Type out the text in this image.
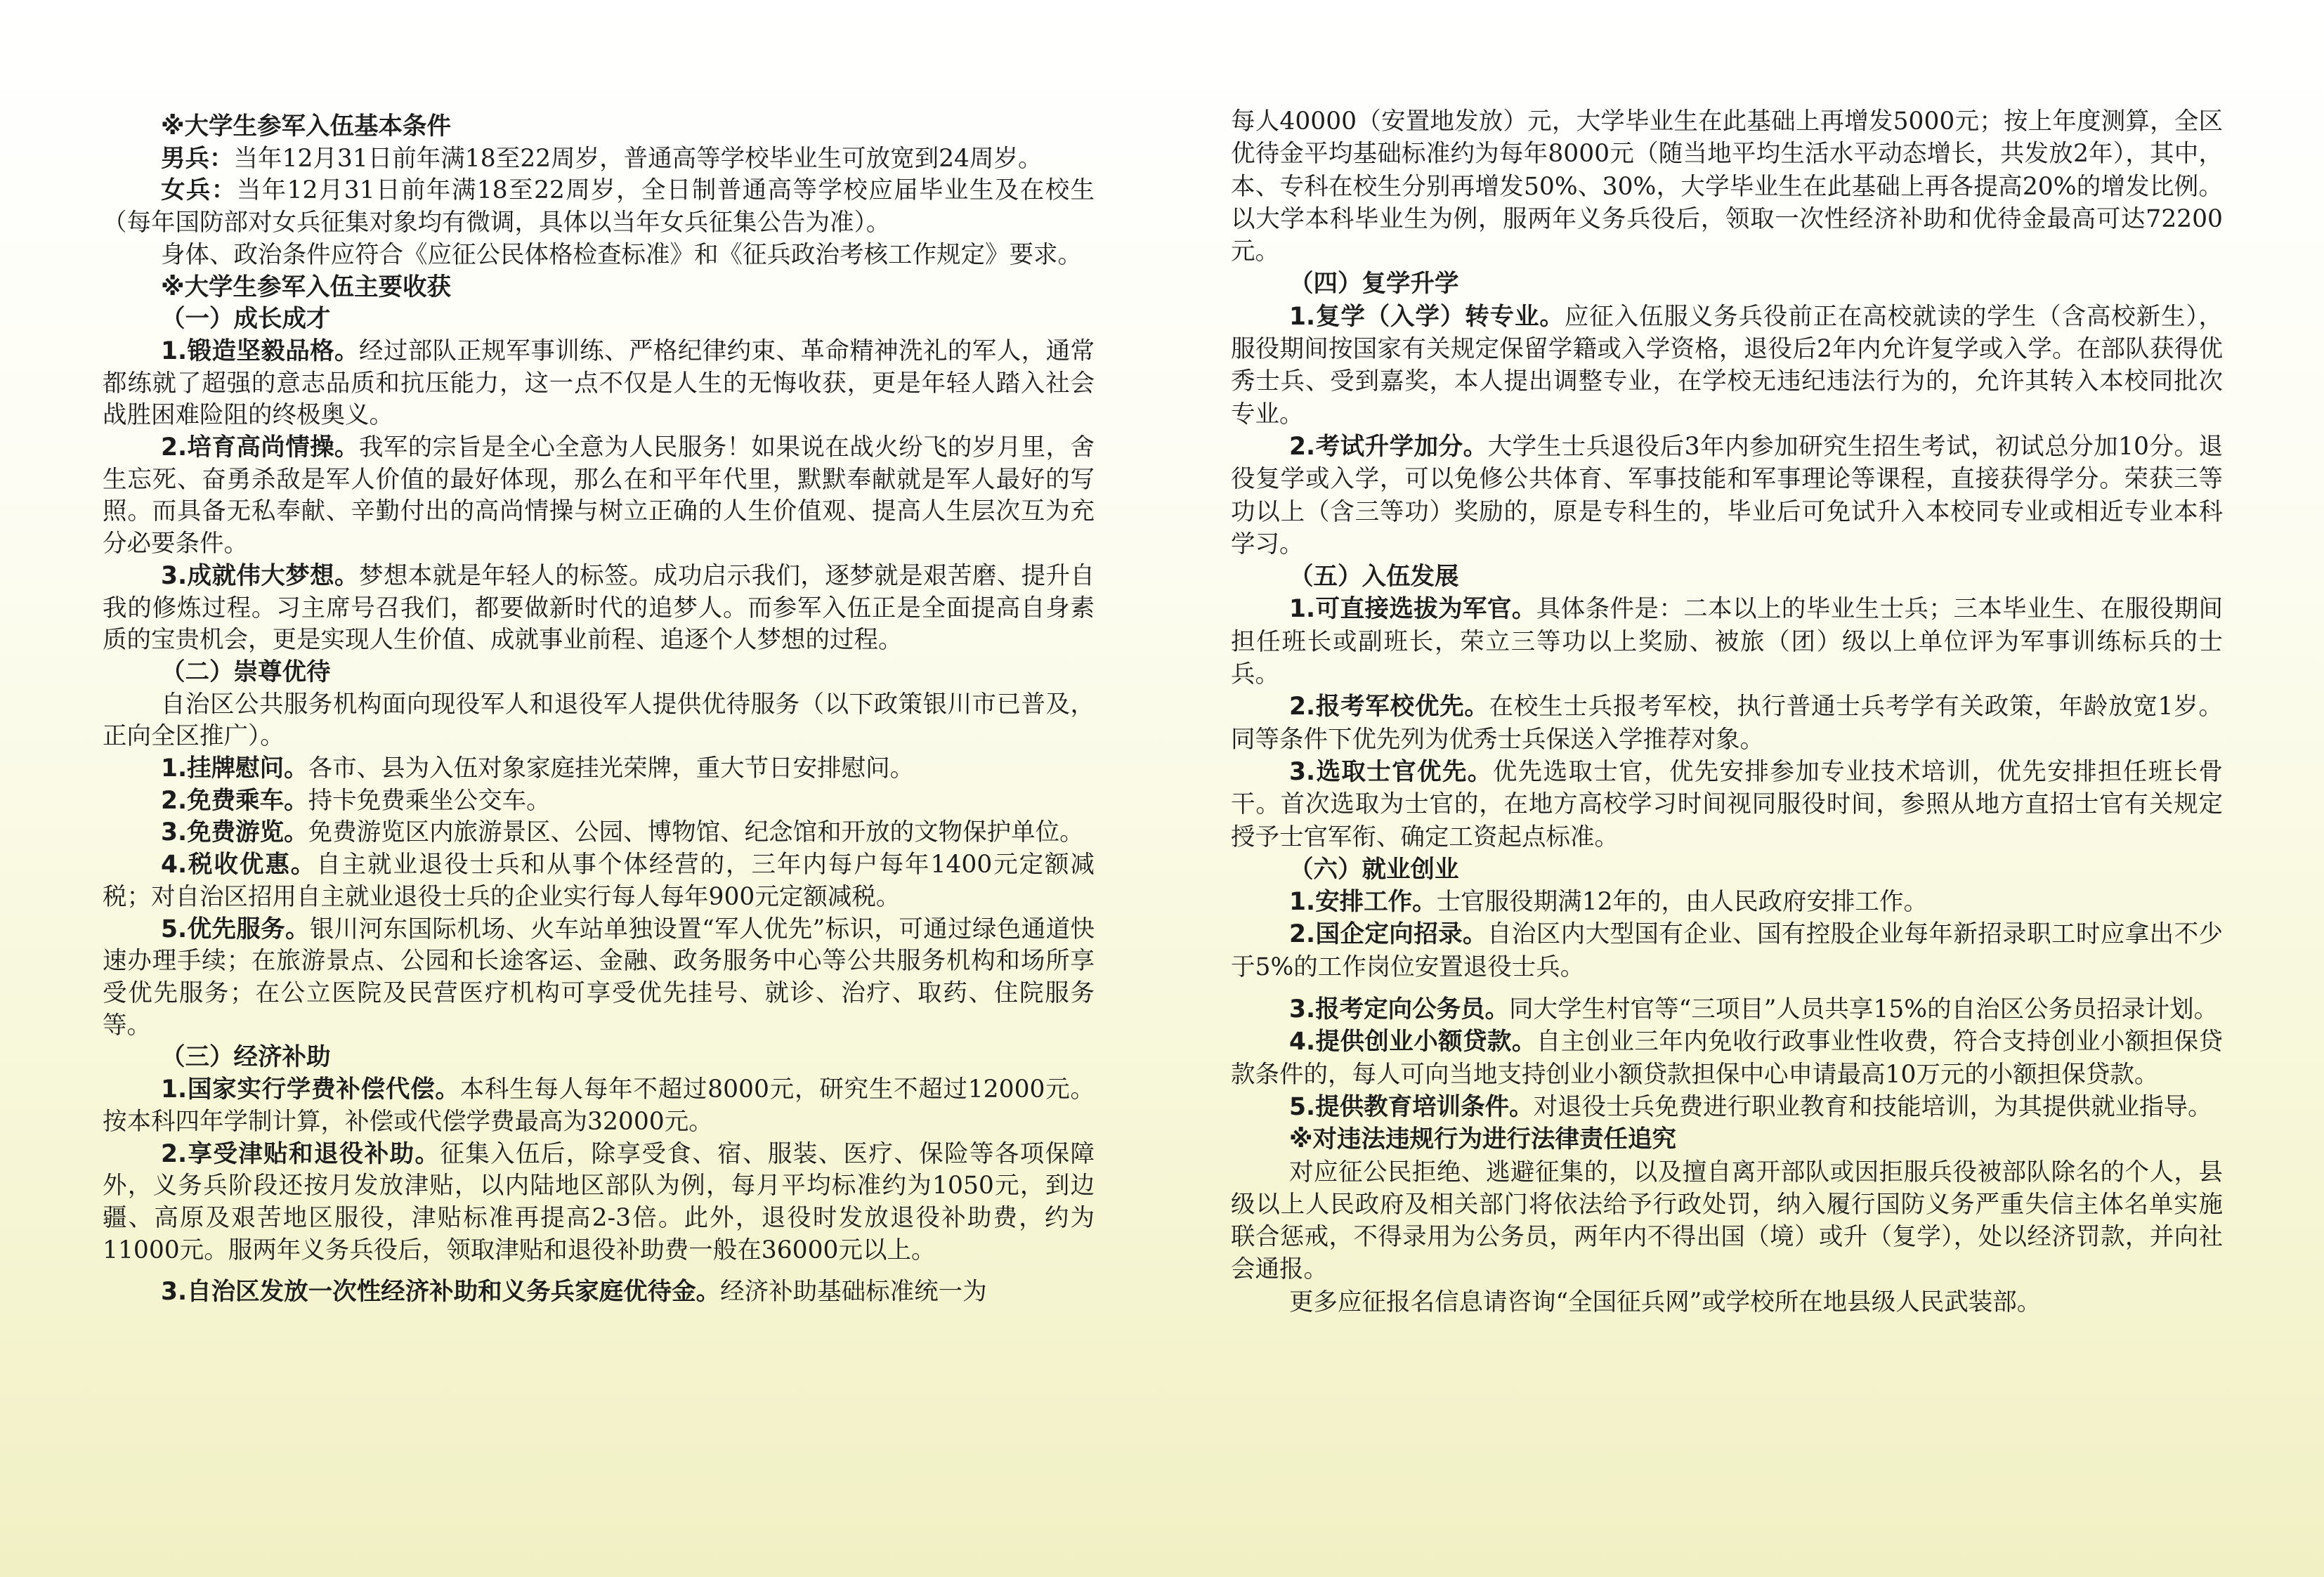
※大学生参军入伍基本条件

男兵：当年12月31日前年满18至22周岁，普通高等学校毕业生可放宽到24周岁。

女兵：当年12月31日前年满18至22周岁，全日制普通高等学校应届毕业生及在校生（每年国防部对女兵征集对象均有微调，具体以当年女兵征集公告为准）。

身体、政治条件应符合《应征公民体格检查标准》和《征兵政治考核工作规定》要求。

※大学生参军入伍主要收获

（一）成长成才

1.锻造坚毅品格。经过部队正规军事训练、严格纪律约束、革命精神洗礼的军人，通常都练就了超强的意志品质和抗压能力，这一点不仅是人生的无悔收获，更是年轻人踏入社会战胜困难险阻的终极奥义。

2.培育高尚情操。我军的宗旨是全心全意为人民服务！如果说在战火纷飞的岁月里，舍生忘死、奋勇杀敌是军人价值的最好体现，那么在和平年代里，默默奉献就是军人最好的写照。而具备无私奉献、辛勤付出的高尚情操与树立正确的人生价值观、提高人生层次互为充分必要条件。

3.成就伟大梦想。梦想本就是年轻人的标签。成功启示我们，逐梦就是艰苦磨、提升自我的修炼过程。习主席号召我们，都要做新时代的追梦人。而参军入伍正是全面提高自身素质的宝贵机会，更是实现人生价值、成就事业前程、追逐个人梦想的过程。

（二）崇尊优待

自治区公共服务机构面向现役军人和退役军人提供优待服务（以下政策银川市已普及，正向全区推广）。

1.挂牌慰问。各市、县为入伍对象家庭挂光荣牌，重大节日安排慰问。

2.免费乘车。持卡免费乘坐公交车。

3.免费游览。免费游览区内旅游景区、公园、博物馆、纪念馆和开放的文物保护单位。

4.税收优惠。自主就业退役士兵和从事个体经营的，三年内每户每年1400元定额减税；对自治区招用自主就业退役士兵的企业实行每人每年900元定额减税。

5.优先服务。银川河东国际机场、火车站单独设置“军人优先”标识，可通过绿色通道快速办理手续；在旅游景点、公园和长途客运、金融、政务服务中心等公共服务机构和场所享受优先服务；在公立医院及民营医疗机构可享受优先挂号、就诊、治疗、取药、住院服务等。

（三）经济补助

1.国家实行学费补偿代偿。本科生每人每年不超过8000元，研究生不超过12000元。按本科四年学制计算，补偿或代偿学费最高为32000元。

2.享受津贴和退役补助。征集入伍后，除享受食、宿、服装、医疗、保险等各项保障外，义务兵阶段还按月发放津贴，以内陆地区部队为例，每月平均标准约为1050元，到边疆、高原及艰苦地区服役，津贴标准再提高2-3倍。此外，退役时发放退役补助费，约为11000元。服两年义务兵役后，领取津贴和退役补助费一般在36000元以上。

3.自治区发放一次性经济补助和义务兵家庭优待金。经济补助基础标准统一为

每人40000（安置地发放）元，大学毕业生在此基础上再增发5000元；按上年度测算，全区优待金平均基础标准约为每年8000元（随当地平均生活水平动态增长，共发放2年），其中，本、专科在校生分别再增发50%、30%，大学毕业生在此基础上再各提高20%的增发比例。以大学本科毕业生为例，服两年义务兵役后，领取一次性经济补助和优待金最高可达72200元。

（四）复学升学

1.复学（入学）转专业。应征入伍服义务兵役前正在高校就读的学生（含高校新生），服役期间按国家有关规定保留学籍或入学资格，退役后2年内允许复学或入学。在部队获得优秀士兵、受到嘉奖，本人提出调整专业，在学校无违纪违法行为的，允许其转入本校同批次专业。

2.考试升学加分。大学生士兵退役后3年内参加研究生招生考试，初试总分加10分。退役复学或入学，可以免修公共体育、军事技能和军事理论等课程，直接获得学分。荣获三等功以上（含三等功）奖励的，原是专科生的，毕业后可免试升入本校同专业或相近专业本科学习。

（五）入伍发展

1.可直接选拔为军官。具体条件是：二本以上的毕业生士兵；三本毕业生、在服役期间担任班长或副班长，荣立三等功以上奖励、被旅（团）级以上单位评为军事训练标兵的士兵。

2.报考军校优先。在校生士兵报考军校，执行普通士兵考学有关政策，年龄放宽1岁。同等条件下优先列为优秀士兵保送入学推荐对象。

3.选取士官优先。优先选取士官，优先安排参加专业技术培训，优先安排担任班长骨干。首次选取为士官的，在地方高校学习时间视同服役时间，参照从地方直招士官有关规定授予士官军衔、确定工资起点标准。

（六）就业创业

1.安排工作。士官服役期满12年的，由人民政府安排工作。

2.国企定向招录。自治区内大型国有企业、国有控股企业每年新招录职工时应拿出不少于5%的工作岗位安置退役士兵。

3.报考定向公务员。同大学生村官等“三项目”人员共享15%的自治区公务员招录计划。

4.提供创业小额贷款。自主创业三年内免收行政事业性收费，符合支持创业小额担保贷款条件的，每人可向当地支持创业小额贷款担保中心申请最高10万元的小额担保贷款。

5.提供教育培训条件。对退役士兵免费进行职业教育和技能培训，为其提供就业指导。

※对违法违规行为进行法律责任追究

对应征公民拒绝、逃避征集的，以及擅自离开部队或因拒服兵役被部队除名的个人，县级以上人民政府及相关部门将依法给予行政处罚，纳入履行国防义务严重失信主体名单实施联合惩戒，不得录用为公务员，两年内不得出国（境）或升（复学），处以经济罚款，并向社会通报。

更多应征报名信息请咨询“全国征兵网”或学校所在地县级人民武装部。
